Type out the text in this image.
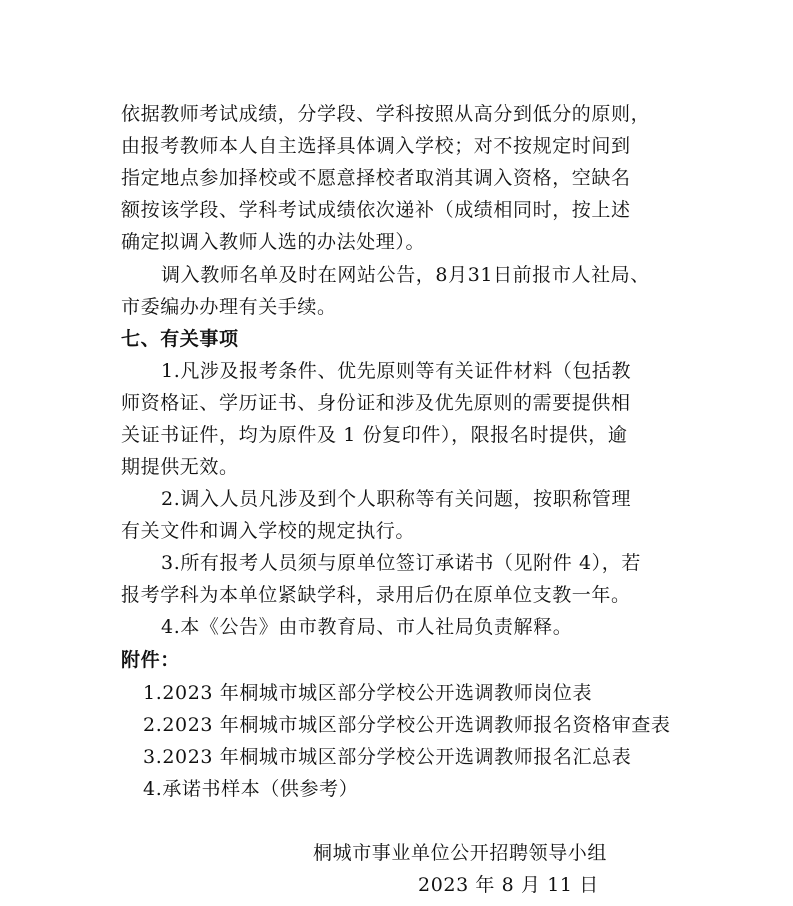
依据教师考试成绩，分学段、学科按照从高分到低分的原则，
由报考教师本人自主选择具体调入学校；对不按规定时间到
指定地点参加择校或不愿意择校者取消其调入资格，空缺名
额按该学段、学科考试成绩依次递补（成绩相同时，按上述
确定拟调入教师人选的办法处理）。
调入教师名单及时在网站公告，8月31日前报市人社局、
市委编办办理有关手续。
七、有关事项
1.凡涉及报考条件、优先原则等有关证件材料（包括教
师资格证、学历证书、身份证和涉及优先原则的需要提供相
关证书证件，均为原件及 1 份复印件），限报名时提供，逾
期提供无效。
2.调入人员凡涉及到个人职称等有关问题，按职称管理
有关文件和调入学校的规定执行。
3.所有报考人员须与原单位签订承诺书（见附件 4），若
报考学科为本单位紧缺学科，录用后仍在原单位支教一年。
4.本《公告》由市教育局、市人社局负责解释。
附件：
1.2023 年桐城市城区部分学校公开选调教师岗位表
2.2023 年桐城市城区部分学校公开选调教师报名资格审查表
3.2023 年桐城市城区部分学校公开选调教师报名汇总表
4.承诺书样本（供参考）
桐城市事业单位公开招聘领导小组
2023 年 8 月 11 日
